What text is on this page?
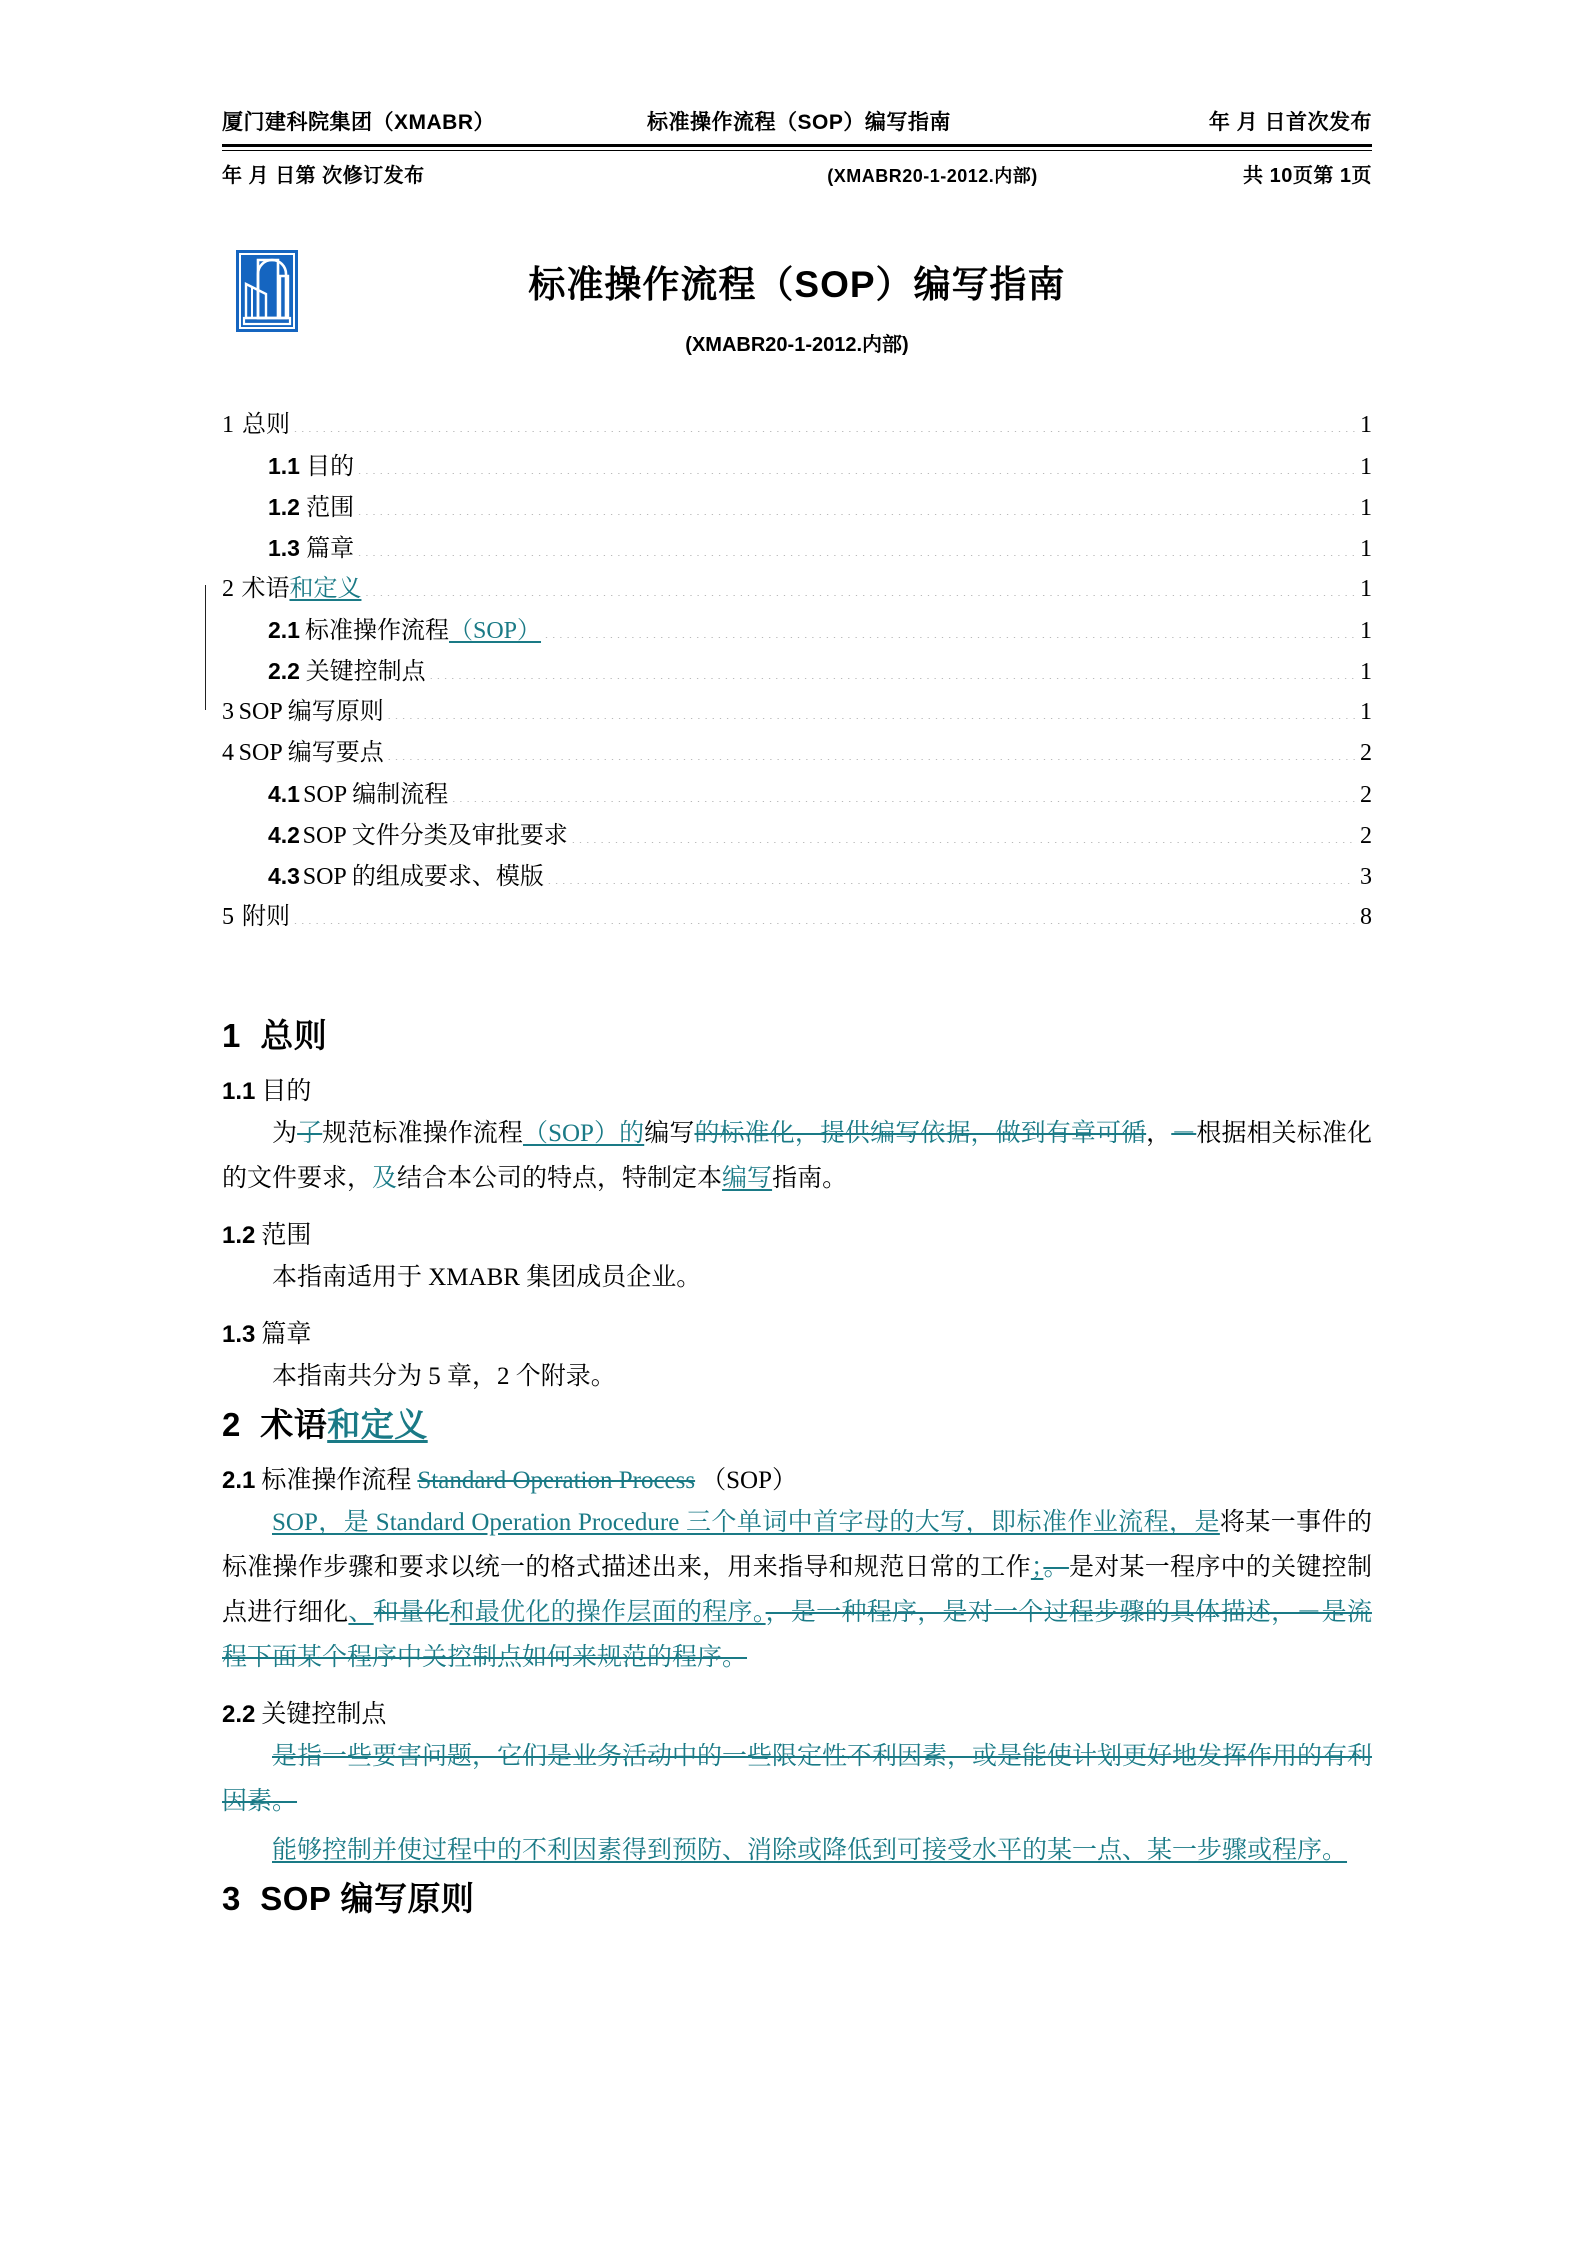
厦门建科院集团（XMABR）	标准操作流程（SOP）编写指南	年 月 日首次发布
年 月 日第 次修订发布	(XMABR20-1-2012.内部)	共 10页第 1页
标准操作流程（SOP）编写指南
(XMABR20-1-2012.内部)
1 总则 .....	1
1.1 目的 .....	1
1.2 范围 .....	1
1.3 篇章 .....	1
2 术语 和定义 .....	1
2.1 标准操作流程 （SOP） .....	1
2.2 关键控制点 .....	1
3 SOP 编写原则 .....	1
4 SOP 编写要点 .....	2
4.1 SOP 编制流程 .....	2
4.2 SOP 文件分类及审批要求 .....	2
4.3 SOP 的组成要求、模版 .....	3
5 附则 .....	8
1 总则
1.1 目的

为了规范标准操作流程（SOP）的编写的标准化，提供编写依据，做到有章可循，－根据相关标准化的文件要求，及结合本公司的特点，特制定本编写指南。

1.2 范围

本指南适用于 XMABR 集团成员企业。

1.3 篇章

本指南共分为 5 章，2 个附录。

2 术语和定义
2.1 标准操作流程 Standard Operation Process （SOP）

SOP，是 Standard Operation Procedure 三个单词中首字母的大写，即标准作业流程，是将某一事件的标准操作步骤和要求以统一的格式描述出来，用来指导和规范日常的工作；。是对某一程序中的关键控制点进行细化、和量化和最优化的操作层面的程序。，是一种程序，是对一个过程步骤的具体描述，－是流程下面某个程序中关控制点如何来规范的程序。

2.2 关键控制点

是指一些要害问题，它们是业务活动中的一些限定性不利因素，或是能使计划更好地发挥作用的有利因素。

能够控制并使过程中的不利因素得到预防、消除或降低到可接受水平的某一点、某一步骤或程序。

3 SOP 编写原则
